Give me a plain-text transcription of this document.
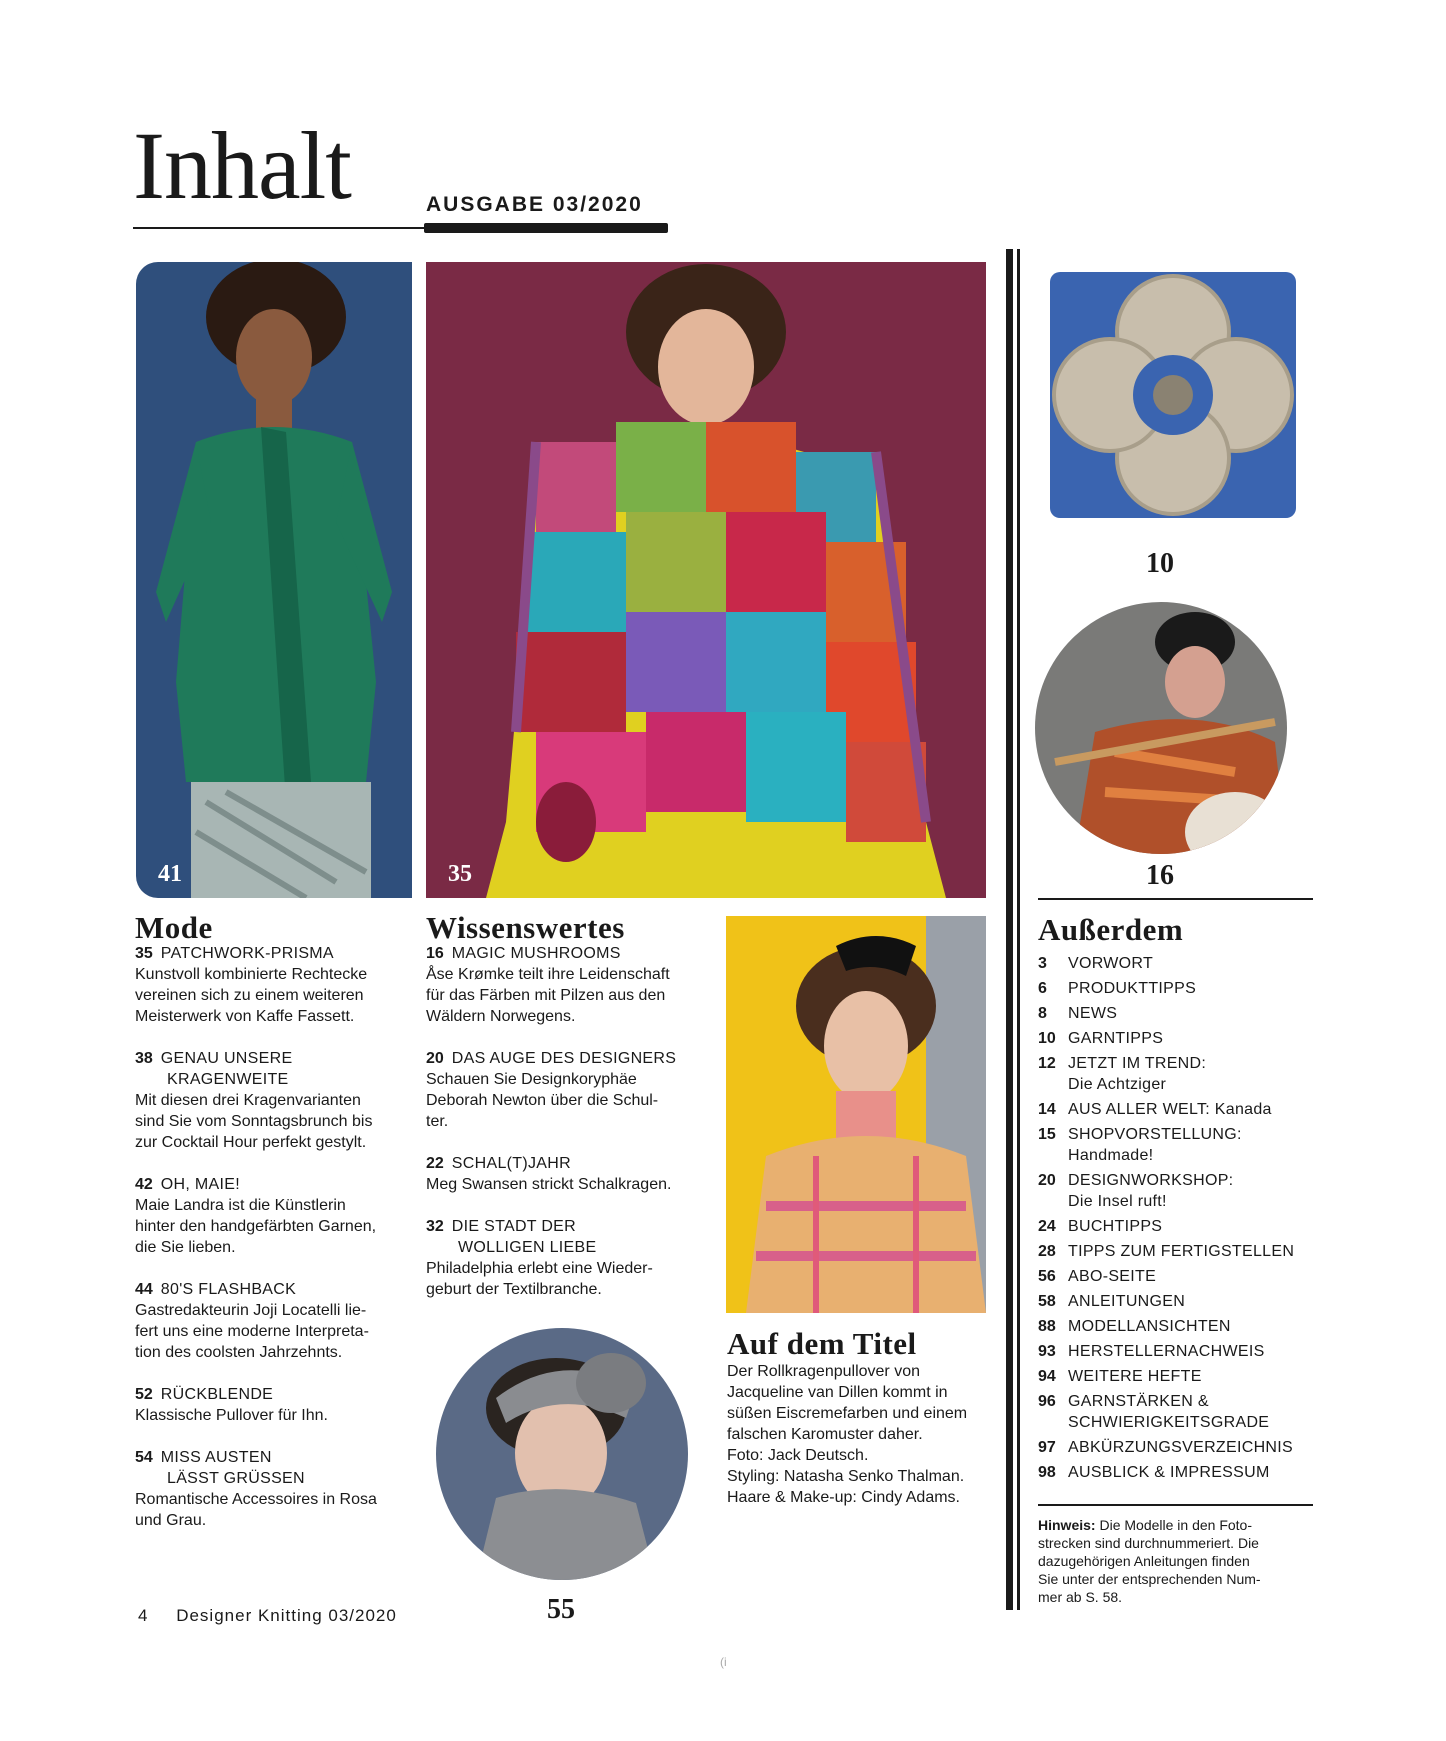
Inhalt	AUSGABE 03/2020
41	35
10
16
Mode
35 PATCHWORK-PRISMA
Kunstvoll kombinierte Rechtecke
vereinen sich zu einem weiteren
Meisterwerk von Kaffe Fassett.
38 GENAU UNSERE
KRAGENWEITE
Mit diesen drei Kragenvarianten
sind Sie vom Sonntagsbrunch bis
zur Cocktail Hour perfekt gestylt.
42 OH, MAIE!
Maie Landra ist die Künstlerin
hinter den handgefärbten Garnen,
die Sie lieben.
44 80'S FLASHBACK
Gastredakteurin Joji Locatelli lie-
fert uns eine moderne Interpreta-
tion des coolsten Jahrzehnts.
52 RÜCKBLENDE
Klassische Pullover für Ihn.
54 MISS AUSTEN
LÄSST GRÜSSEN
Romantische Accessoires in Rosa
und Grau.
Wissenswertes
16 MAGIC MUSHROOMS
Åse Krømke teilt ihre Leidenschaft
für das Färben mit Pilzen aus den
Wäldern Norwegens.
20 DAS AUGE DES DESIGNERS
Schauen Sie Designkoryphäe
Deborah Newton über die Schul-
ter.
22 SCHAL(T)JAHR
Meg Swansen strickt Schalkragen.
32 DIE STADT DER
WOLLIGEN LIEBE
Philadelphia erlebt eine Wieder-
geburt der Textilbranche.
55
Auf dem Titel
Der Rollkragenpullover von
Jacqueline van Dillen kommt in
süßen Eiscremefarben und einem
falschen Karomuster daher.
Foto: Jack Deutsch.
Styling: Natasha Senko Thalman.
Haare & Make-up: Cindy Adams.
Außerdem
3	VORWORT
6	PRODUKTTIPPS
8	NEWS
10 GARNTIPPS
12 JETZT IM TREND:
Die Achtziger
14 AUS ALLER WELT: Kanada
15 SHOPVORSTELLUNG:
Handmade!
20 DESIGNWORKSHOP:
Die Insel ruft!
24 BUCHTIPPS
28 TIPPS ZUM FERTIGSTELLEN
56 ABO-SEITE
58 ANLEITUNGEN
88 MODELLANSICHTEN
93 HERSTELLERNACHWEIS
94 WEITERE HEFTE
96 GARNSTÄRKEN &
SCHWIERIGKEITSGRADE
97 ABKÜRZUNGSVERZEICHNIS
98 AUSBLICK & IMPRESSUM
Hinweis: Die Modelle in den Foto-
strecken sind durchnummeriert. Die
dazugehörigen Anleitungen finden
Sie unter der entsprechenden Num-
mer ab S. 58.
4 Designer Knitting 03/2020
(i
